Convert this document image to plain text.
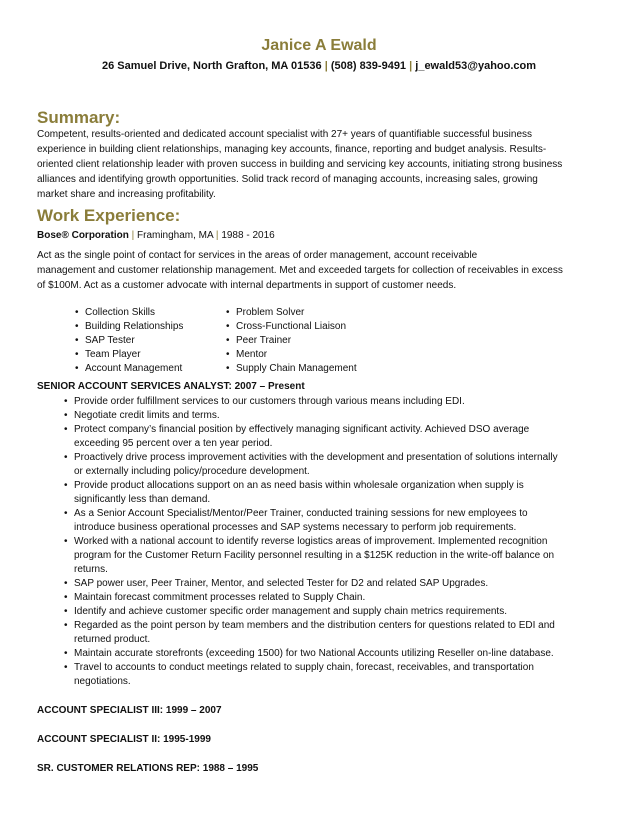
Janice A Ewald
26 Samuel Drive, North Grafton, MA 01536 | (508) 839-9491 | j_ewald53@yahoo.com
Summary:

Competent, results-oriented and dedicated account specialist with 27+ years of quantifiable successful business

experience in building client relationships, managing key accounts, finance, reporting and budget analysis. Results-

oriented client relationship leader with proven success in building and servicing key accounts, initiating strong business

alliances and identifying growth opportunities. Solid track record of managing accounts, increasing sales, growing

market share and increasing profitability.

Work Experience:
Bose® Corporation | Framingham, MA | 1988 - 2016

Act as the single point of contact for services in the areas of order management, account receivable

management and customer relationship management. Met and exceeded targets for collection of receivables in excess

of $100M. Act as a customer advocate with internal departments in support of customer needs.

• Collection Skills
• Building Relationships
• SAP Tester
• Team Player
• Account Management
• Problem Solver
• Cross-Functional Liaison
• Peer Trainer
• Mentor
• Supply Chain Management
SENIOR ACCOUNT SERVICES ANALYST: 2007 – Present
• Provide order fulfillment services to our customers through various means including EDI.
• Negotiate credit limits and terms.
• Protect company’s financial position by effectively managing significant activity. Achieved DSO average
exceeding 95 percent over a ten year period.
• Proactively drive process improvement activities with the development and presentation of solutions internally
or externally including policy/procedure development.
• Provide product allocations support on an as need basis within wholesale organization when supply is
significantly less than demand.
• As a Senior Account Specialist/Mentor/Peer Trainer, conducted training sessions for new employees to
introduce business operational processes and SAP systems necessary to perform job requirements.
• Worked with a national account to identify reverse logistics areas of improvement. Implemented recognition
program for the Customer Return Facility personnel resulting in a $125K reduction in the write-off balance on
returns.
• SAP power user, Peer Trainer, Mentor, and selected Tester for D2 and related SAP Upgrades.
• Maintain forecast commitment processes related to Supply Chain.
• Identify and achieve customer specific order management and supply chain metrics requirements.
• Regarded as the point person by team members and the distribution centers for questions related to EDI and
returned product.
• Maintain accurate storefronts (exceeding 1500) for two National Accounts utilizing Reseller on-line database.
• Travel to accounts to conduct meetings related to supply chain, forecast, receivables, and transportation
negotiations.
ACCOUNT SPECIALIST III: 1999 – 2007
ACCOUNT SPECIALIST II: 1995-1999
SR. CUSTOMER RELATIONS REP: 1988 – 1995
